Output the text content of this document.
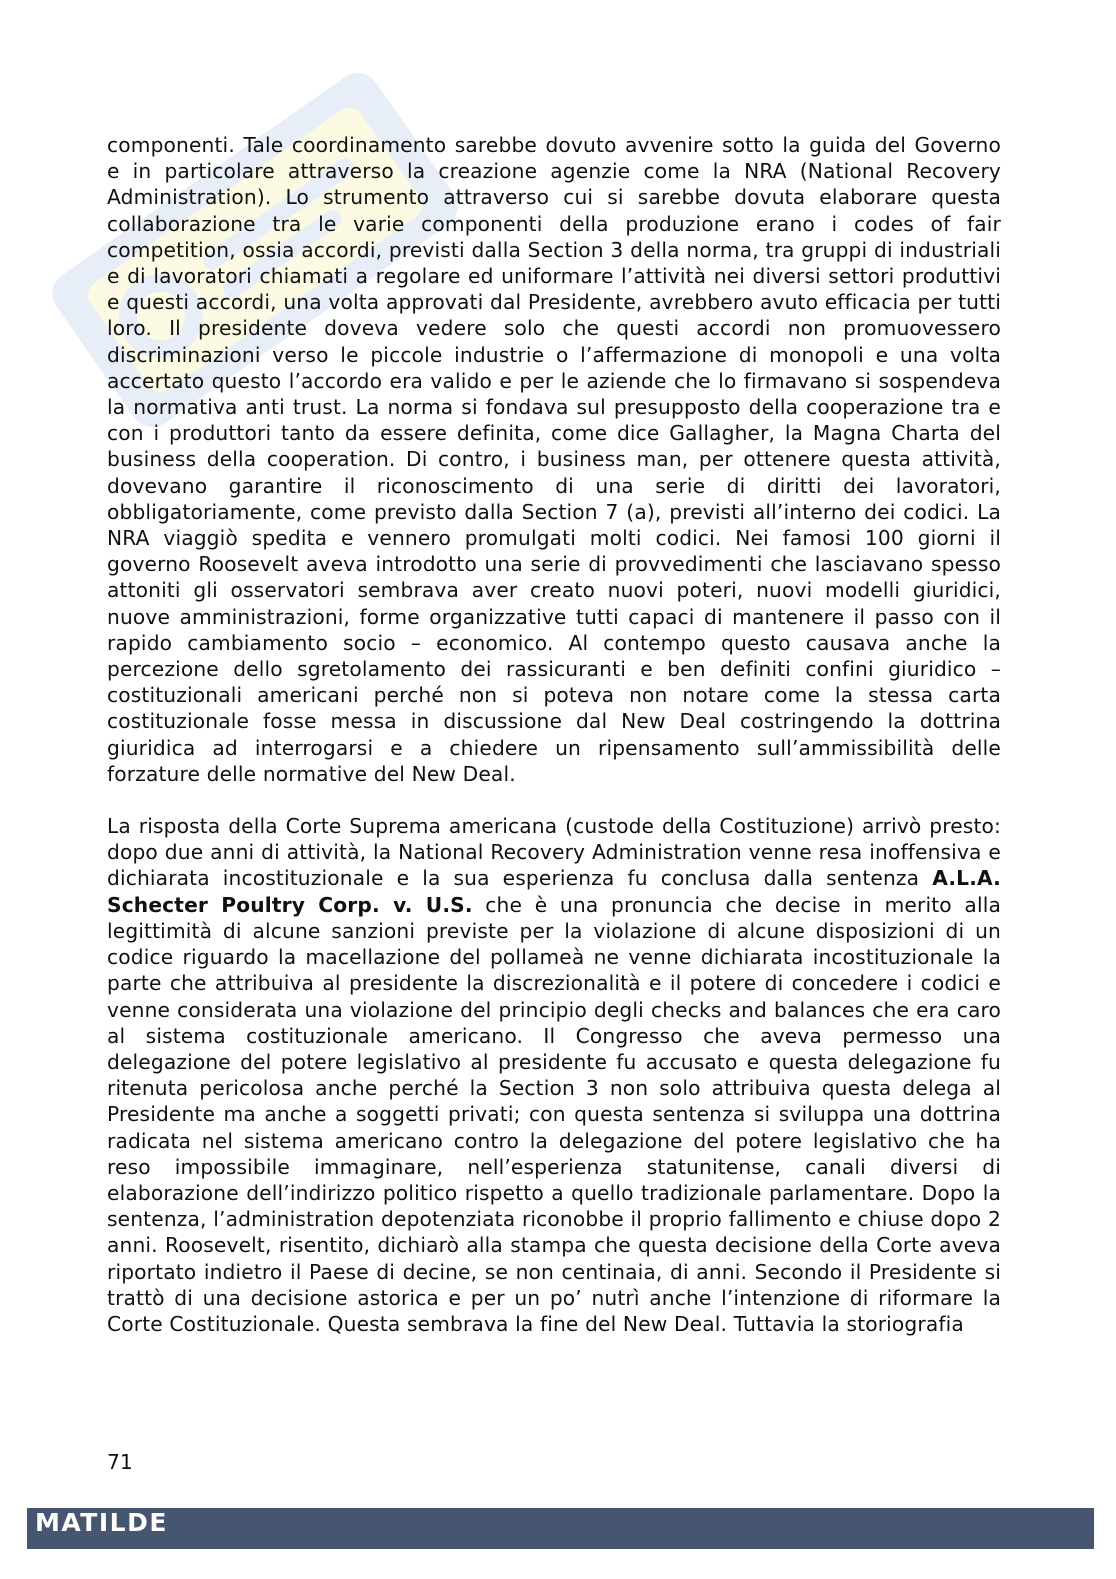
componenti. Tale coordinamento sarebbe dovuto avvenire sotto la guida del Governo e in particolare attraverso la creazione agenzie come la NRA (National Recovery Administration). Lo strumento attraverso cui si sarebbe dovuta elaborare questa collaborazione tra le varie componenti della produzione erano i codes of fair competition, ossia accordi, previsti dalla Section 3 della norma, tra gruppi di industriali e di lavoratori chiamati a regolare ed uniformare l’attività nei diversi settori produttivi e questi accordi, una volta approvati dal Presidente, avrebbero avuto efficacia per tutti loro. Il presidente doveva vedere solo che questi accordi non promuovessero discriminazioni verso le piccole industrie o l’affermazione di monopoli e una volta accertato questo l’accordo era valido e per le aziende che lo firmavano si sospendeva la normativa anti trust. La norma si fondava sul presupposto della cooperazione tra e con i produttori tanto da essere definita, come dice Gallagher, la Magna Charta del business della cooperation. Di contro, i business man, per ottenere questa attività, dovevano garantire il riconoscimento di una serie di diritti dei lavoratori, obbligatoriamente, come previsto dalla Section 7 (a), previsti all’interno dei codici. La NRA viaggiò spedita e vennero promulgati molti codici. Nei famosi 100 giorni il governo Roosevelt aveva introdotto una serie di provvedimenti che lasciavano spesso attoniti gli osservatori sembrava aver creato nuovi poteri, nuovi modelli giuridici, nuove amministrazioni, forme organizzative tutti capaci di mantenere il passo con il rapido cambiamento socio – economico. Al contempo questo causava anche la percezione dello sgretolamento dei rassicuranti e ben definiti confini giuridico – costituzionali americani perché non si poteva non notare come la stessa carta costituzionale fosse messa in discussione dal New Deal costringendo la dottrina giuridica ad interrogarsi e a chiedere un ripensamento sull’ammissibilità delle forzature delle normative del New Deal.

La risposta della Corte Suprema americana (custode della Costituzione) arrivò presto: dopo due anni di attività, la National Recovery Administration venne resa inoffensiva e dichiarata incostituzionale e la sua esperienza fu conclusa dalla sentenza A.L.A. Schecter Poultry Corp. v. U.S. che è una pronuncia che decise in merito alla legittimità di alcune sanzioni previste per la violazione di alcune disposizioni di un codice riguardo la macellazione del pollameà ne venne dichiarata incostituzionale la parte che attribuiva al presidente la discrezionalità e il potere di concedere i codici e venne considerata una violazione del principio degli checks and balances che era caro al sistema costituzionale americano. Il Congresso che aveva permesso una delegazione del potere legislativo al presidente fu accusato e questa delegazione fu ritenuta pericolosa anche perché la Section 3 non solo attribuiva questa delega al Presidente ma anche a soggetti privati; con questa sentenza si sviluppa una dottrina radicata nel sistema americano contro la delegazione del potere legislativo che ha reso impossibile immaginare, nell’esperienza statunitense, canali diversi di elaborazione dell’indirizzo politico rispetto a quello tradizionale parlamentare. Dopo la sentenza, l’administration depotenziata riconobbe il proprio fallimento e chiuse dopo 2 anni. Roosevelt, risentito, dichiarò alla stampa che questa decisione della Corte aveva riportato indietro il Paese di decine, se non centinaia, di anni. Secondo il Presidente si trattò di una decisione astorica e per un po’ nutrì anche l’intenzione di riformare la Corte Costituzionale. Questa sembrava la fine del New Deal. Tuttavia la storiografia

71
MATILDE
